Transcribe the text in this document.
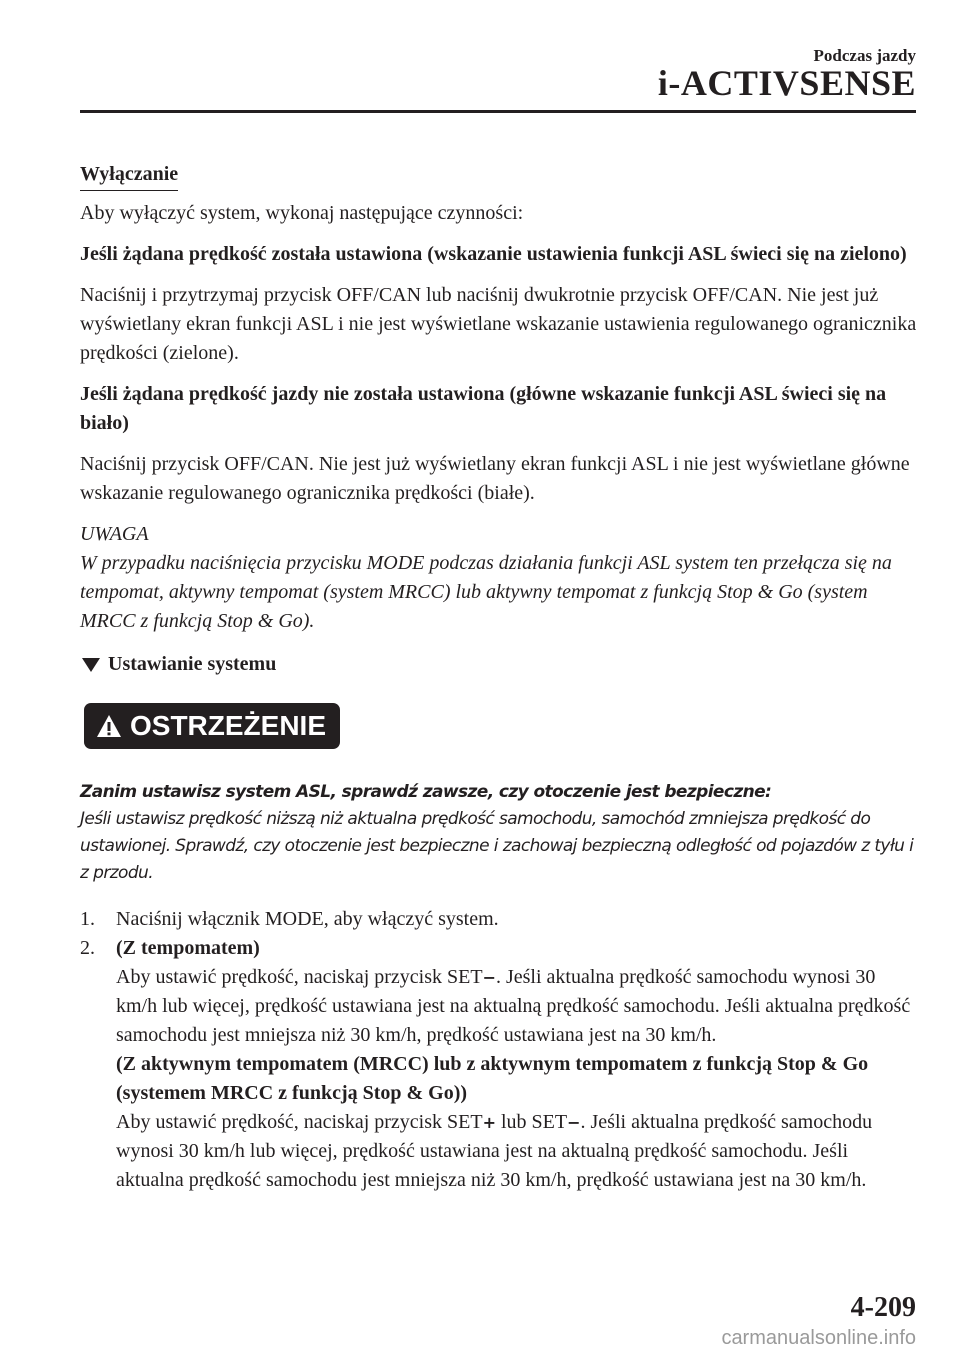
Podczas jazdy
i-ACTIVSENSE
Wyłączanie

Aby wyłączyć system, wykonaj następujące czynności:

Jeśli żądana prędkość została ustawiona (wskazanie ustawienia funkcji ASL świeci się na zielono)

Naciśnij i przytrzymaj przycisk OFF/CAN lub naciśnij dwukrotnie przycisk OFF/CAN. Nie jest już wyświetlany ekran funkcji ASL i nie jest wyświetlane wskazanie ustawienia regulowanego ogranicznika prędkości (zielone).

Jeśli żądana prędkość jazdy nie została ustawiona (główne wskazanie funkcji ASL świeci się na biało)

Naciśnij przycisk OFF/CAN. Nie jest już wyświetlany ekran funkcji ASL i nie jest wyświetlane główne wskazanie regulowanego ogranicznika prędkości (białe).

UWAGA

W przypadku naciśnięcia przycisku MODE podczas działania funkcji ASL system ten przełącza się na tempomat, aktywny tempomat (system MRCC) lub aktywny tempomat z funkcją Stop & Go (system MRCC z funkcją Stop & Go).

Ustawianie systemu
OSTRZEŻENIE
Zanim ustawisz system ASL, sprawdź zawsze, czy otoczenie jest bezpieczne:
Jeśli ustawisz prędkość niższą niż aktualna prędkość samochodu, samochód zmniejsza prędkość do ustawionej. Sprawdź, czy otoczenie jest bezpieczne i zachowaj bezpieczną odległość od pojazdów z tyłu i z przodu.
1.	Naciśnij włącznik MODE, aby włączyć system.
2.	(Z tempomatem)
Aby ustawić prędkość, naciskaj przycisk SET−. Jeśli aktualna prędkość samochodu wynosi 30 km/h lub więcej, prędkość ustawiana jest na aktualną prędkość samochodu. Jeśli aktualna prędkość samochodu jest mniejsza niż 30 km/h, prędkość ustawiana jest na 30 km/h.
(Z aktywnym tempomatem (MRCC) lub z aktywnym tempomatem z funkcją Stop & Go (systemem MRCC z funkcją Stop & Go))
Aby ustawić prędkość, naciskaj przycisk SET+ lub SET−. Jeśli aktualna prędkość samochodu wynosi 30 km/h lub więcej, prędkość ustawiana jest na aktualną prędkość samochodu. Jeśli aktualna prędkość samochodu jest mniejsza niż 30 km/h, prędkość ustawiana jest na 30 km/h.
4-209
carmanualsonline.info
